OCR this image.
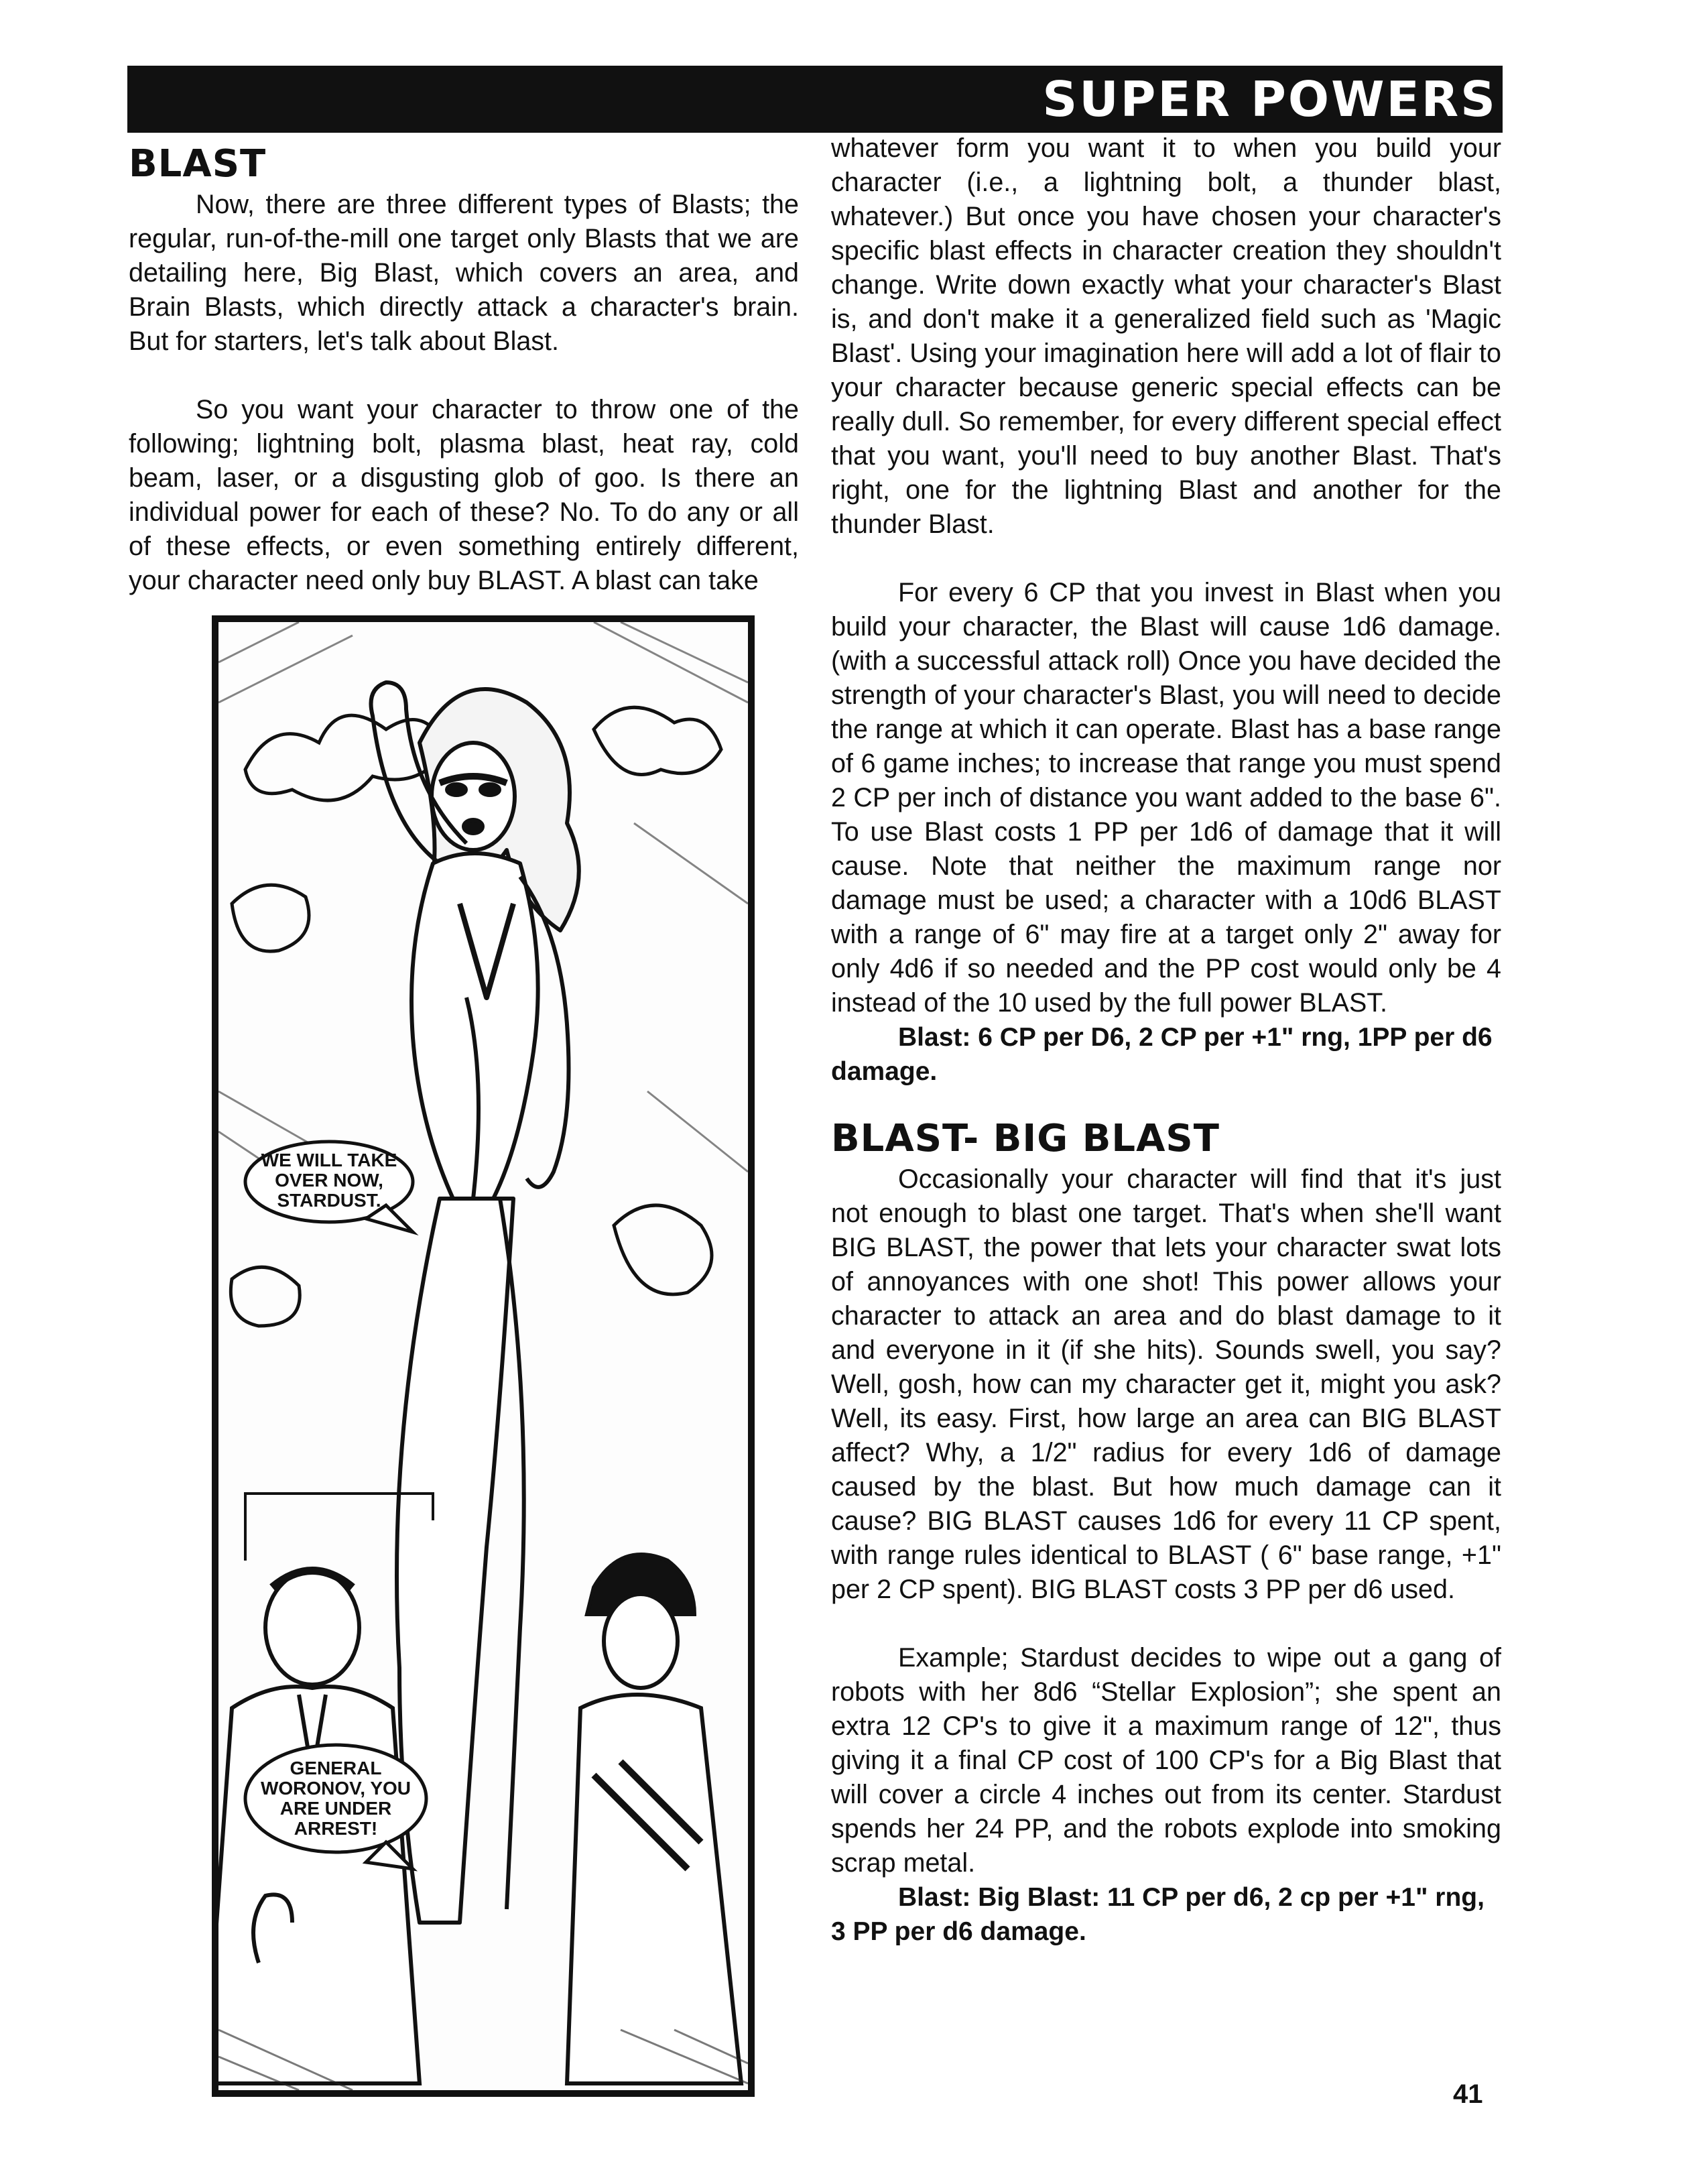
SUPER POWERS
BLAST

Now, there are three different types of Blasts; the regular, run-of-the-mill one target only Blasts that we are detailing here, Big Blast, which covers an area, and Brain Blasts, which directly attack a character's brain. But for starters, let's talk about Blast.

So you want your character to throw one of the following; lightning bolt, plasma blast, heat ray, cold beam, laser, or a disgusting glob of goo. Is there an individual power for each of these? No. To do any or all of these effects, or even something entirely different, your character need only buy BLAST. A blast can take

WE WILL TAKE OVER NOW, STARDUST.
GENERAL WORONOV, YOU ARE UNDER ARREST!

whatever form you want it to when you build your character (i.e., a lightning bolt, a thunder blast, whatever.) But once you have chosen your character's specific blast effects in character creation they shouldn't change. Write down exactly what your character's Blast is, and don't make it a generalized field such as 'Magic Blast'. Using your imagination here will add a lot of flair to your character because generic special effects can be really dull. So remember, for every different special effect that you want, you'll need to buy another Blast. That's right, one for the lightning Blast and another for the thunder Blast.

For every 6 CP that you invest in Blast when you build your character, the Blast will cause 1d6 damage. (with a successful attack roll) Once you have decided the strength of your character's Blast, you will need to decide the range at which it can operate. Blast has a base range of 6 game inches; to increase that range you must spend 2 CP per inch of distance you want added to the base 6". To use Blast costs 1 PP per 1d6 of damage that it will cause. Note that neither the maximum range nor damage must be used; a character with a 10d6 BLAST with a range of 6" may fire at a target only 2" away for only 4d6 if so needed and the PP cost would only be 4 instead of the 10 used by the full power BLAST.

Blast: 6 CP per D6, 2 CP per +1" rng, 1PP per d6 damage.

BLAST- BIG BLAST

Occasionally your character will find that it's just not enough to blast one target. That's when she'll want BIG BLAST, the power that lets your character swat lots of annoyances with one shot! This power allows your character to attack an area and do blast damage to it and everyone in it (if she hits). Sounds swell, you say? Well, gosh, how can my character get it, might you ask? Well, its easy. First, how large an area can BIG BLAST affect? Why, a 1/2" radius for every 1d6 of damage caused by the blast. But how much damage can it cause? BIG BLAST causes 1d6 for every 11 CP spent, with range rules identical to BLAST ( 6" base range, +1" per 2 CP spent). BIG BLAST costs 3 PP per d6 used.

Example; Stardust decides to wipe out a gang of robots with her 8d6 “Stellar Explosion”; she spent an extra 12 CP's to give it a maximum range of 12", thus giving it a final CP cost of 100 CP's for a Big Blast that will cover a circle 4 inches out from its center. Stardust spends her 24 PP, and the robots explode into smoking scrap metal.

Blast: Big Blast: 11 CP per d6, 2 cp per +1" rng, 3 PP per d6 damage.

41
